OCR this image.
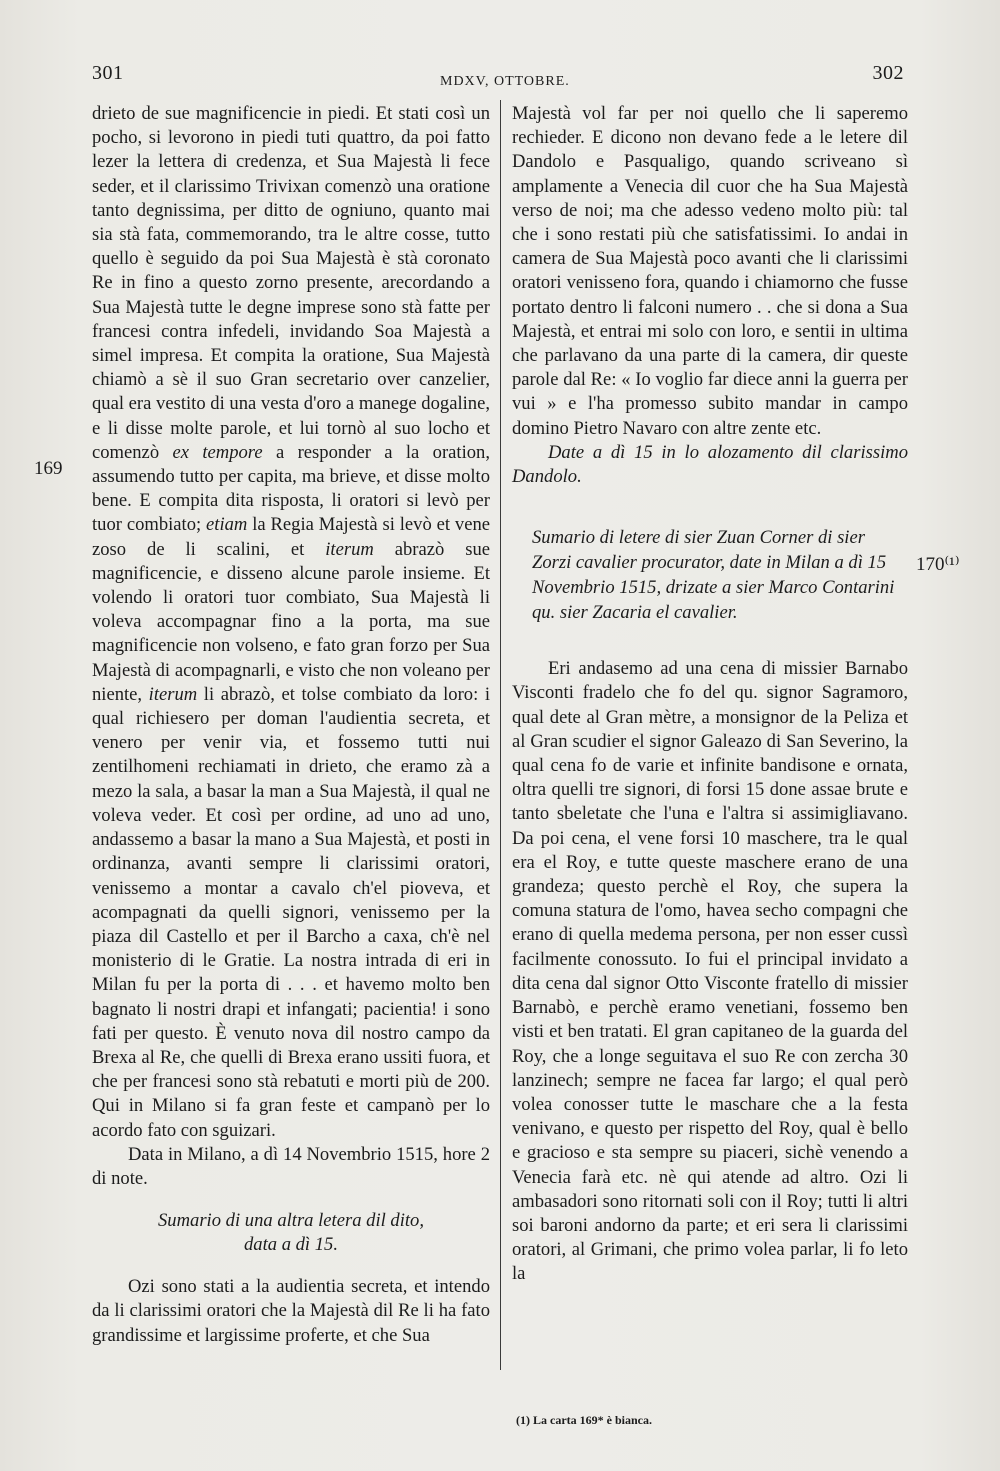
301	MDXV, OTTOBRE.	302
169
170⁽¹⁾

drieto de sue magnificencie in piedi. Et stati così un pocho, si levorono in piedi tuti quattro, da poi fatto lezer la lettera di credenza, et Sua Majestà li fece seder, et il clarissimo Trivixan comenzò una oratione tanto degnissima, per ditto de ogniuno, quanto mai sia stà fata, commemorando, tra le altre cosse, tutto quello è seguido da poi Sua Majestà è stà coronato Re in fino a questo zorno presente, arecordando a Sua Majestà tutte le degne imprese sono stà fatte per francesi contra infedeli, invidando Soa Majestà a simel impresa. Et compita la oratione, Sua Majestà chiamò a sè il suo Gran secretario over canzelier, qual era vestito di una vesta d'oro a manege dogaline, e li disse molte parole, et lui tornò al suo locho et comenzò ex tempore a responder a la oration, assumendo tutto per capita, ma brieve, et disse molto bene. E compita dita risposta, li oratori si levò per tuor combiato; etiam la Regia Majestà si levò et vene zoso de li scalini, et iterum abrazò sue magnificencie, e disseno alcune parole insieme. Et volendo li oratori tuor combiato, Sua Majestà li voleva accompagnar fino a la porta, ma sue magnificencie non volseno, e fato gran forzo per Sua Majestà di acompagnarli, e visto che non voleano per niente, iterum li abrazò, et tolse combiato da loro: i qual richiesero per doman l'audientia secreta, et venero per venir via, et fossemo tutti nui zentilhomeni rechiamati in drieto, che eramo zà a mezo la sala, a basar la man a Sua Majestà, il qual ne voleva veder. Et così per ordine, ad uno ad uno, andassemo a basar la mano a Sua Majestà, et posti in ordinanza, avanti sempre li clarissimi oratori, venissemo a montar a cavalo ch'el pioveva, et acompagnati da quelli signori, venissemo per la piaza dil Castello et per il Barcho a caxa, ch'è nel monisterio di le Gratie. La nostra intrada di eri in Milan fu per la porta di . . . et havemo molto ben bagnato li nostri drapi et infangati; pacientia! i sono fati per questo. È venuto nova dil nostro campo da Brexa al Re, che quelli di Brexa erano ussiti fuora, et che per francesi sono stà rebatuti e morti più de 200. Qui in Milano si fa gran feste et campanò per lo acordo fato con sguizari.

Data in Milano, a dì 14 Novembrio 1515, hore 2 di note.

Sumario di una altra letera dil dito,
data a dì 15.

Ozi sono stati a la audientia secreta, et intendo da li clarissimi oratori che la Majestà dil Re li ha fato grandissime et largissime proferte, et che Sua

Majestà vol far per noi quello che li saperemo rechieder. E dicono non devano fede a le letere dil Dandolo e Pasqualigo, quando scriveano sì amplamente a Venecia dil cuor che ha Sua Majestà verso de noi; ma che adesso vedeno molto più: tal che i sono restati più che satisfatissimi. Io andai in camera de Sua Majestà poco avanti che li clarissimi oratori venisseno fora, quando i chiamorno che fusse portato dentro li falconi numero . . che si dona a Sua Majestà, et entrai mi solo con loro, e sentii in ultima che parlavano da una parte di la camera, dir queste parole dal Re: « Io voglio far diece anni la guerra per vui » e l'ha promesso subito mandar in campo domino Pietro Navaro con altre zente etc.

Date a dì 15 in lo alozamento dil clarissimo Dandolo.

Sumario di letere di sier Zuan Corner di sier Zorzi cavalier procurator, date in Milan a dì 15 Novembrio 1515, drizate a sier Marco Contarini qu. sier Zacaria el cavalier.

Eri andasemo ad una cena di missier Barnabo Visconti fradelo che fo del qu. signor Sagramoro, qual dete al Gran mètre, a monsignor de la Peliza et al Gran scudier el signor Galeazo di San Severino, la qual cena fo de varie et infinite bandisone e ornata, oltra quelli tre signori, di forsi 15 done assae brute e tanto sbeletate che l'una e l'altra si assimigliavano. Da poi cena, el vene forsi 10 maschere, tra le qual era el Roy, e tutte queste maschere erano de una grandeza; questo perchè el Roy, che supera la comuna statura de l'omo, havea secho compagni che erano di quella medema persona, per non esser cussì facilmente conossuto. Io fui el principal invidato a dita cena dal signor Otto Visconte fratello di missier Barnabò, e perchè eramo venetiani, fossemo ben visti et ben tratati. El gran capitaneo de la guarda del Roy, che a longe seguitava el suo Re con zercha 30 lanzinech; sempre ne facea far largo; el qual però volea conosser tutte le maschare che a la festa venivano, e questo per rispetto del Roy, qual è bello e gracioso e sta sempre su piaceri, sichè venendo a Venecia farà etc. nè qui atende ad altro. Ozi li ambasadori sono ritornati soli con il Roy; tutti li altri soi baroni andorno da parte; et eri sera li clarissimi oratori, al Grimani, che primo volea parlar, li fo leto la

(1) La carta 169* è bianca.
